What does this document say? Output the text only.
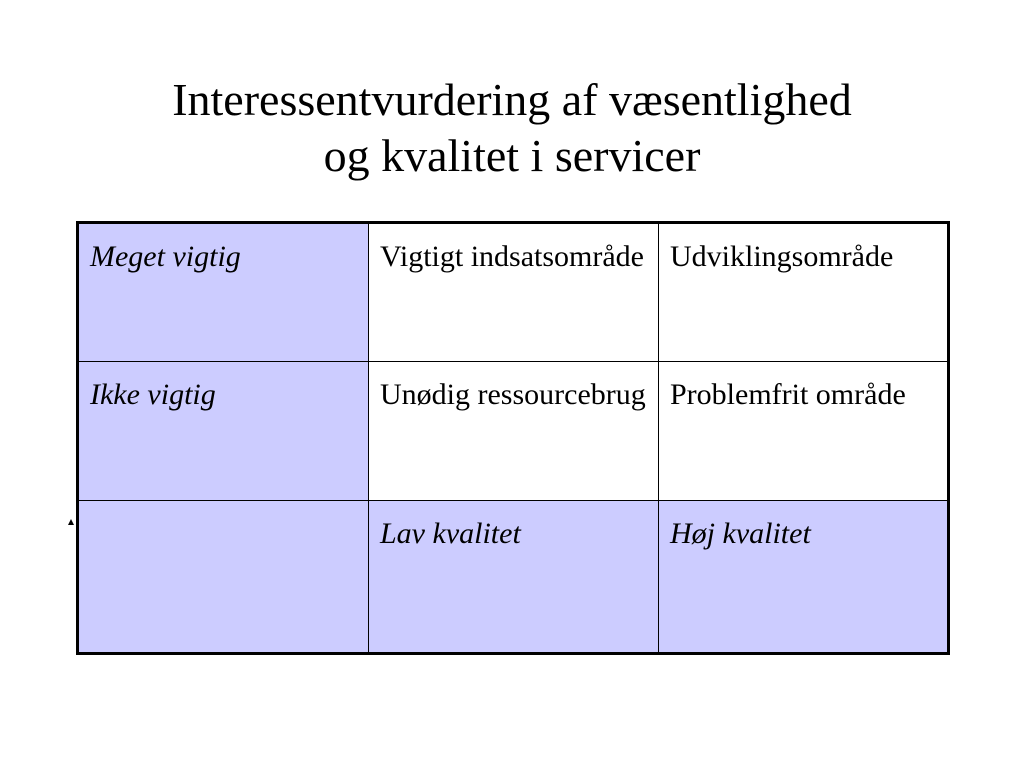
Interessentvurdering af væsentlighed
og kvalitet i servicer
Meget vigtig	Vigtigt indsatsområde	Udviklingsområde
Ikke vigtig	Unødig ressourcebrug	Problemfrit område
	Lav kvalitet	Høj kvalitet
